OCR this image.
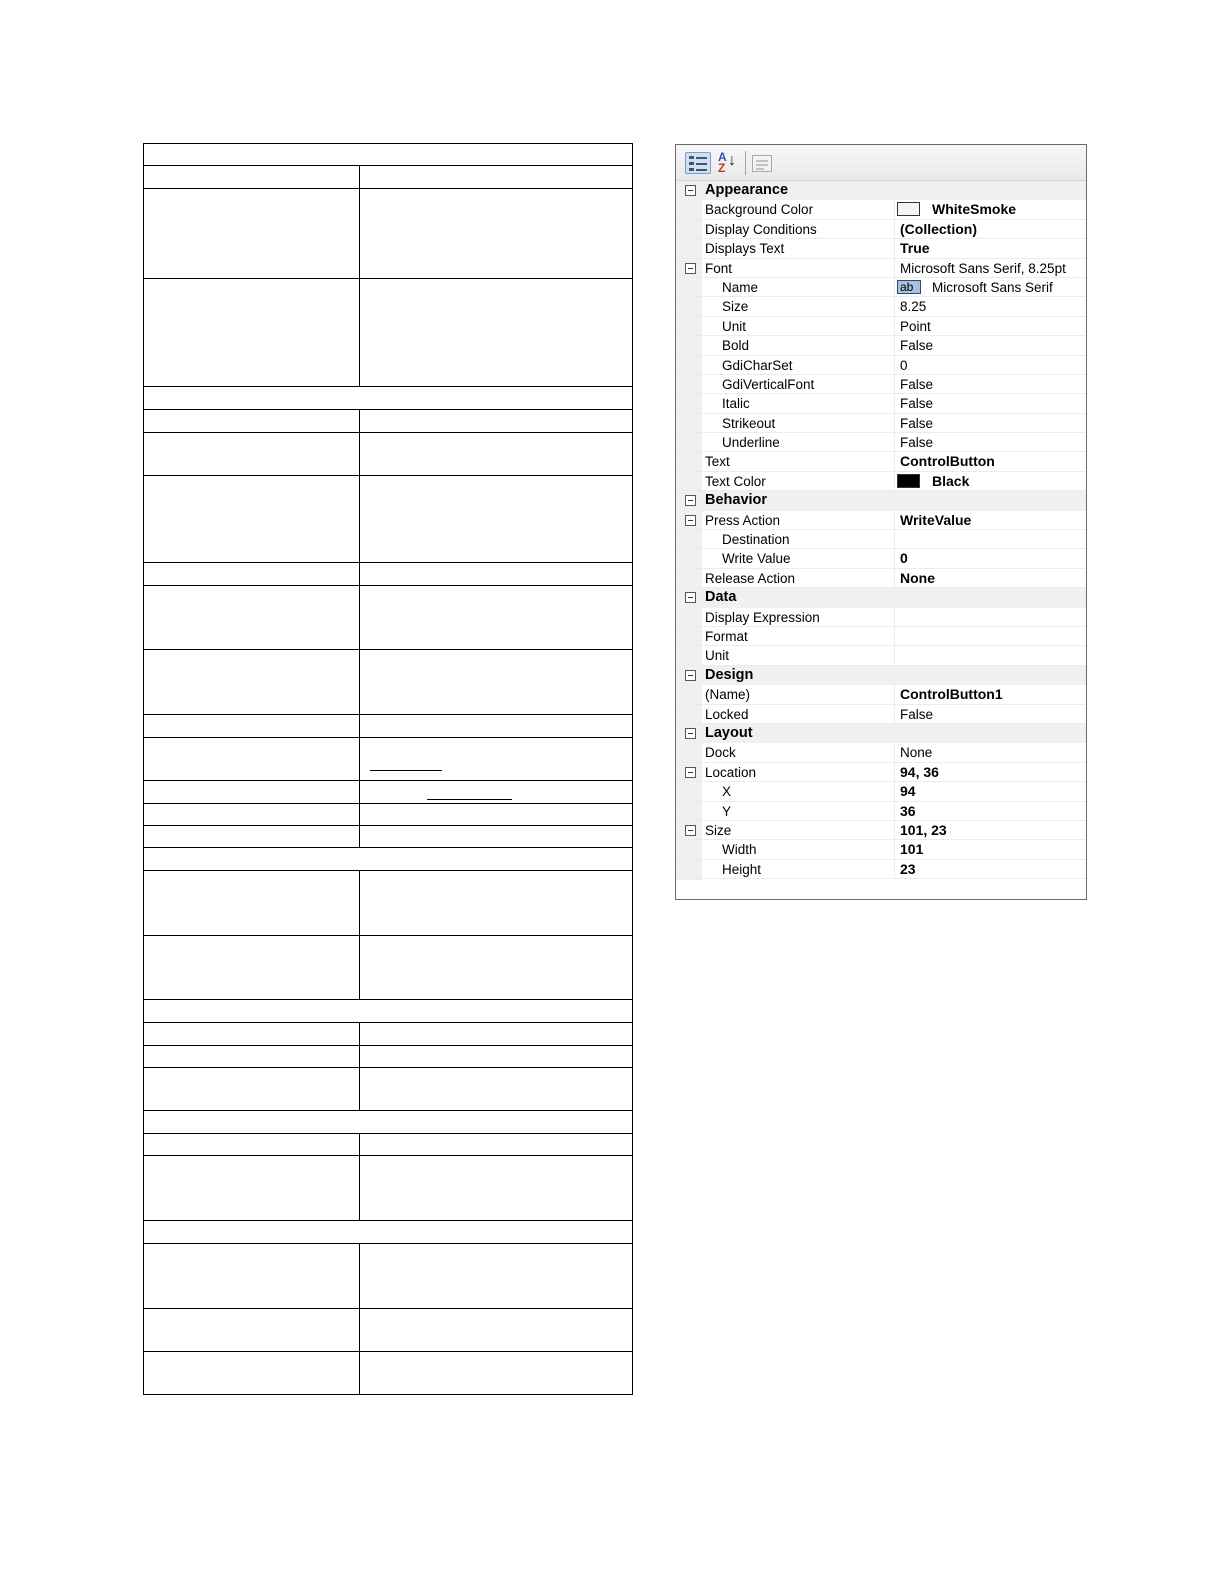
A
Z ↓
Appearance
Background Color	WhiteSmoke
Display Conditions	(Collection)
Displays Text	True
Font	Microsoft Sans Serif, 8.25pt
Name	ab	Microsoft Sans Serif
Size	8.25
Unit	Point
Bold	False
GdiCharSet	0
GdiVerticalFont	False
Italic	False
Strikeout	False
Underline	False
Text	ControlButton
Text Color	Black
Behavior
Press Action	WriteValue
Destination
Write Value	0
Release Action	None
Data
Display Expression
Format
Unit
Design
(Name)	ControlButton1
Locked	False
Layout
Dock	None
Location	94, 36
X	94
Y	36
Size	101, 23
Width	101
Height	23
